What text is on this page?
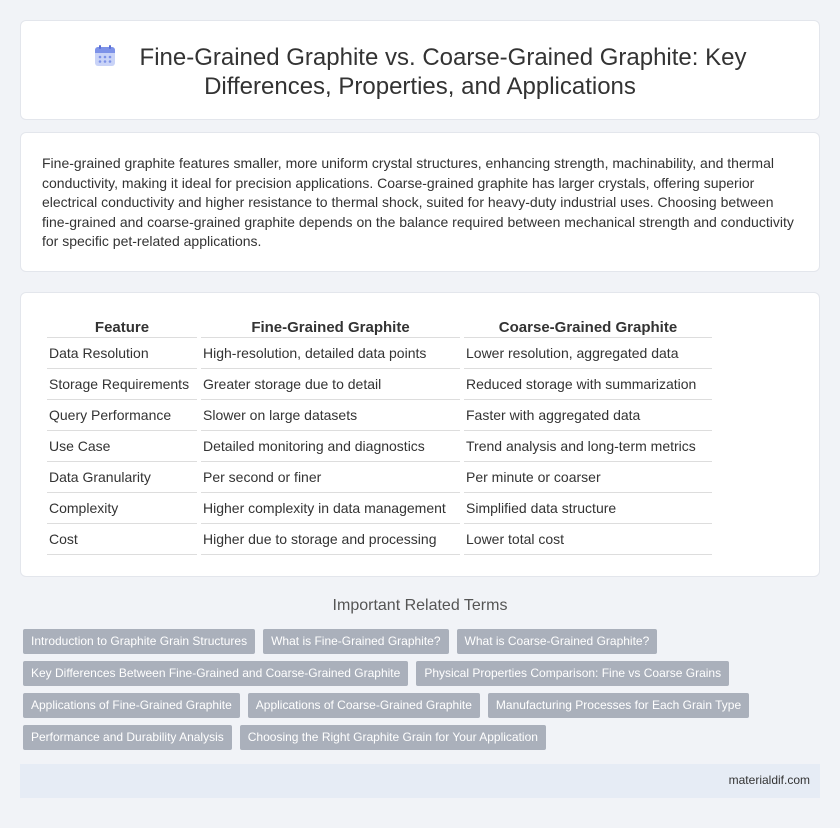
Fine-Grained Graphite vs. Coarse-Grained Graphite: Key
Differences, Properties, and Applications

Fine-grained graphite features smaller, more uniform crystal structures, enhancing strength, machinability, and thermal conductivity, making it ideal for precision applications. Coarse-grained graphite has larger crystals, offering superior electrical conductivity and higher resistance to thermal shock, suited for heavy-duty industrial uses. Choosing between fine-grained and coarse-grained graphite depends on the balance required between mechanical strength and conductivity for specific pet-related applications.

Feature	Fine-Grained Graphite	Coarse-Grained Graphite
Data Resolution	High-resolution, detailed data points	Lower resolution, aggregated data
Storage Requirements	Greater storage due to detail	Reduced storage with summarization
Query Performance	Slower on large datasets	Faster with aggregated data
Use Case	Detailed monitoring and diagnostics	Trend analysis and long-term metrics
Data Granularity	Per second or finer	Per minute or coarser
Complexity	Higher complexity in data management	Simplified data structure
Cost	Higher due to storage and processing	Lower total cost
Important Related Terms
Introduction to Graphite Grain Structures	What is Fine-Grained Graphite?	What is Coarse-Grained Graphite?
Key Differences Between Fine-Grained and Coarse-Grained Graphite	Physical Properties Comparison: Fine vs Coarse Grains
Applications of Fine-Grained Graphite	Applications of Coarse-Grained Graphite	Manufacturing Processes for Each Grain Type
Performance and Durability Analysis	Choosing the Right Graphite Grain for Your Application
materialdif.com
